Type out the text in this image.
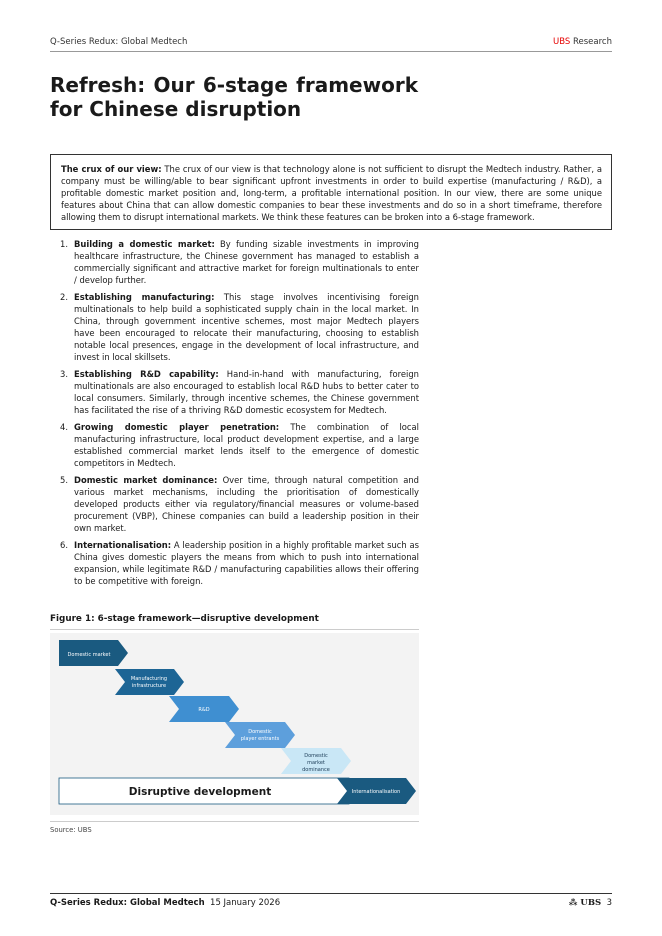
Q-Series Redux: Global Medtech	UBS Research
Refresh: Our 6-stage framework for Chinese disruption
The crux of our view: The crux of our view is that technology alone is not sufficient to disrupt the Medtech industry. Rather, a company must be willing/able to bear significant upfront investments in order to build expertise (manufacturing / R&D), a profitable domestic market position and, long-term, a profitable international position. In our view, there are some unique features about China that can allow domestic companies to bear these investments and do so in a short timeframe, therefore allowing them to disrupt international markets. We think these features can be broken into a 6-stage framework.
1. Building a domestic market: By funding sizable investments in improving healthcare infrastructure, the Chinese government has managed to establish a commercially significant and attractive market for foreign multinationals to enter / develop further.
2. Establishing manufacturing: This stage involves incentivising foreign multinationals to help build a sophisticated supply chain in the local market. In China, through government incentive schemes, most major Medtech players have been encouraged to relocate their manufacturing, choosing to establish notable local presences, engage in the development of local infrastructure, and invest in local skillsets.
3. Establishing R&D capability: Hand-in-hand with manufacturing, foreign multinationals are also encouraged to establish local R&D hubs to better cater to local consumers. Similarly, through incentive schemes, the Chinese government has facilitated the rise of a thriving R&D domestic ecosystem for Medtech.
4. Growing domestic player penetration: The combination of local manufacturing infrastructure, local product development expertise, and a large established commercial market lends itself to the emergence of domestic competitors in Medtech.
5. Domestic market dominance: Over time, through natural competition and various market mechanisms, including the prioritisation of domestically developed products either via regulatory/financial measures or volume-based procurement (VBP), Chinese companies can build a leadership position in their own market.
6. Internationalisation: A leadership position in a highly profitable market such as China gives domestic players the means from which to push into international expansion, while legitimate R&D / manufacturing capabilities allows their offering to be competitive with foreign.
Figure 1: 6-stage framework—disruptive development
Domestic market
Manufacturing
infrastructure
R&D
Domestic
player entrants
Domestic
market
dominance
Disruptive development	Internationalisation
Source: UBS
Q-Series Redux: Global Medtech 15 January 2026	⁂ UBS 3
